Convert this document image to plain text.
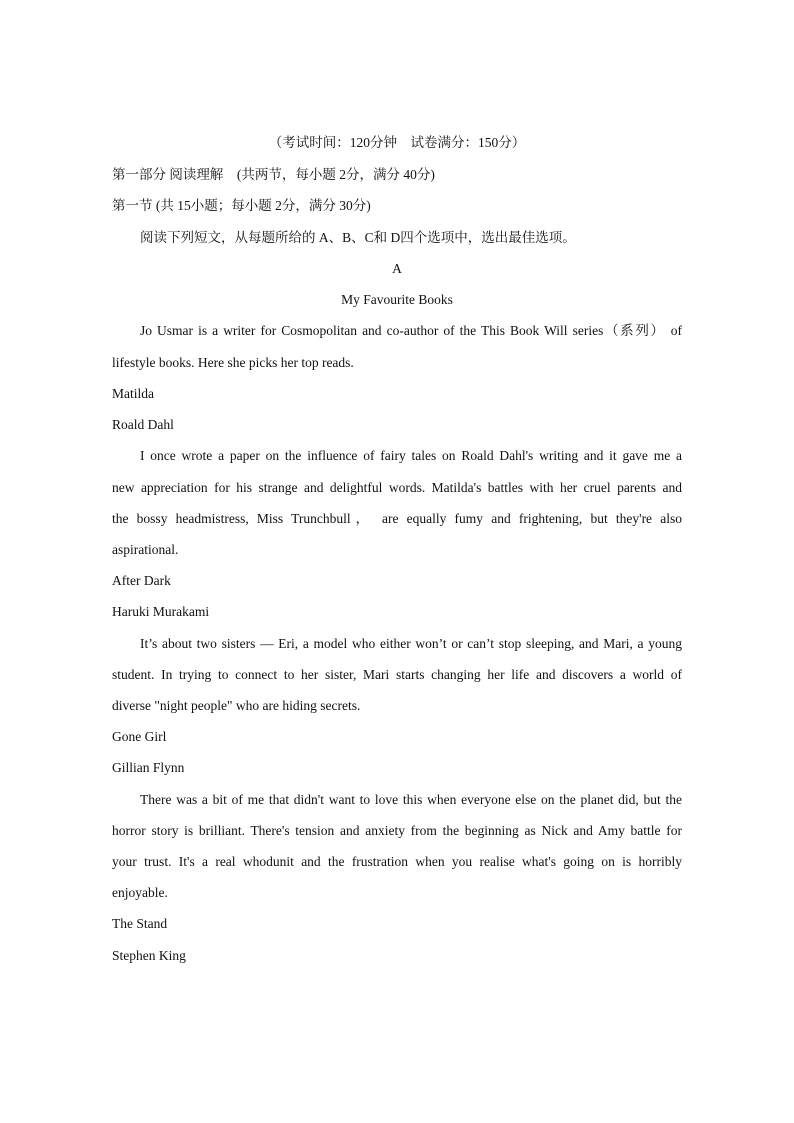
（考试时间：120分钟　试卷满分：150分）
第一部分 阅读理解　(共两节，每小题 2分，满分 40分)
第一节 (共 15小题；每小题 2分，满分 30分)
阅读下列短文，从每题所给的 A、B、C和 D四个选项中，选出最佳选项。
A
My Favourite Books
Jo Usmar is a writer for Cosmopolitan and co-author of the This Book Will series（系列） of
lifestyle books. Here she picks her top reads.
Matilda
Roald Dahl
I once wrote a paper on the influence of fairy tales on Roald Dahl's writing and it gave me a
new appreciation for his strange and delightful words. Matilda's battles with her cruel parents and
the bossy headmistress, Miss Trunchbull， are equally fumy and frightening, but they're also
aspirational.
After Dark
Haruki Murakami
It’s about two sisters — Eri, a model who either won’t or can’t stop sleeping, and Mari, a young
student. In trying to connect to her sister, Mari starts changing her life and discovers a world of
diverse "night people" who are hiding secrets.
Gone Girl
Gillian Flynn
There was a bit of me that didn't want to love this when everyone else on the planet did, but the
horror story is brilliant. There's tension and anxiety from the beginning as Nick and Amy battle for
your trust. It's a real whodunit and the frustration when you realise what's going on is horribly
enjoyable.
The Stand
Stephen King
